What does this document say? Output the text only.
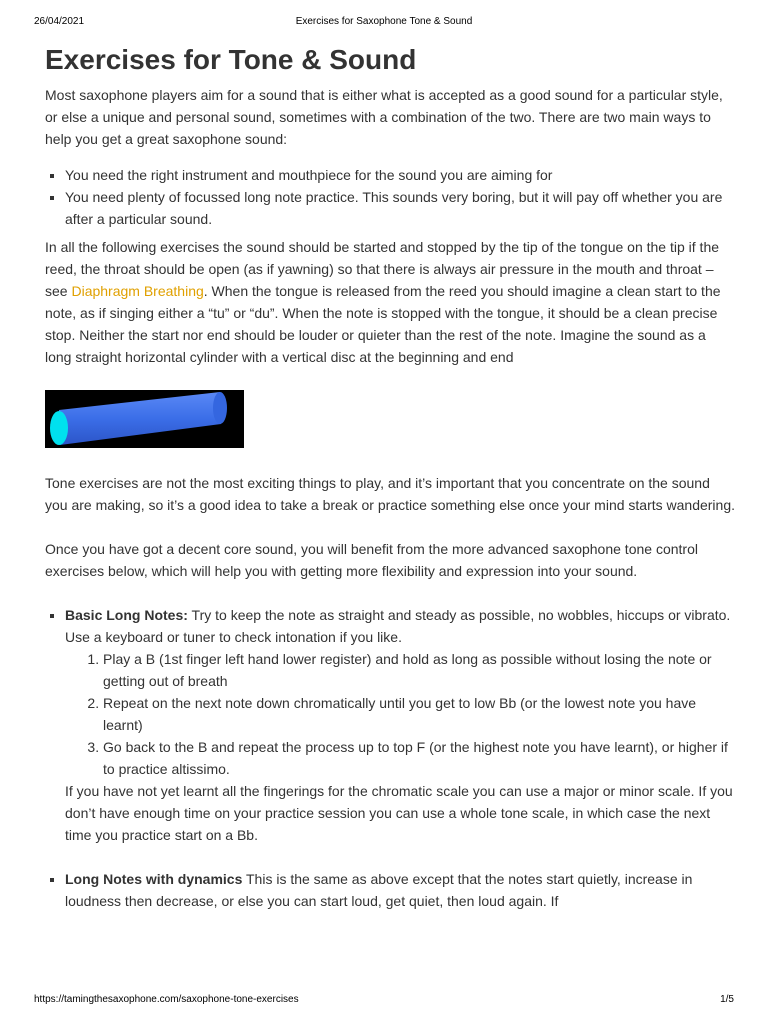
26/04/2021	Exercises for Saxophone Tone & Sound
Exercises for Tone & Sound

Most saxophone players aim for a sound that is either what is accepted as a good sound for a particular style, or else a unique and personal sound, sometimes with a combination of the two. There are two main ways to help you get a great saxophone sound:

▪ You need the right instrument and mouthpiece for the sound you are aiming for
▪ You need plenty of focussed long note practice. This sounds very boring, but it will pay off whether you are after a particular sound.

In all the following exercises the sound should be started and stopped by the tip of the tongue on the tip if the reed, the throat should be open (as if yawning) so that there is always air pressure in the mouth and throat – see Diaphragm Breathing. When the tongue is released from the reed you should imagine a clean start to the note, as if singing either a “tu” or “du”. When the note is stopped with the tongue, it should be a clean precise stop. Neither the start nor end should be louder or quieter than the rest of the note. Imagine the sound as a long straight horizontal cylinder with a vertical disc at the beginning and end

Tone exercises are not the most exciting things to play, and it’s important that you concentrate on the sound you are making, so it’s a good idea to take a break or practice something else once your mind starts wandering.

Once you have got a decent core sound, you will benefit from the more advanced saxophone tone control exercises below, which will help you with getting more flexibility and expression into your sound.

▪ Basic Long Notes: Try to keep the note as straight and steady as possible, no wobbles, hiccups or vibrato. Use a keyboard or tuner to check intonation if you like.
1. Play a B (1st finger left hand lower register) and hold as long as possible without losing the note or getting out of breath
2. Repeat on the next note down chromatically until you get to low Bb (or the lowest note you have learnt)
3. Go back to the B and repeat the process up to top F (or the highest note you have learnt), or higher if to practice altissimo.
If you have not yet learnt all the fingerings for the chromatic scale you can use a major or minor scale. If you don’t have enough time on your practice session you can use a whole tone scale, in which case the next time you practice start on a Bb.
▪ Long Notes with dynamics This is the same as above except that the notes start quietly, increase in loudness then decrease, or else you can start loud, get quiet, then loud again. If
https://tamingthesaxophone.com/saxophone-tone-exercises	1/5
